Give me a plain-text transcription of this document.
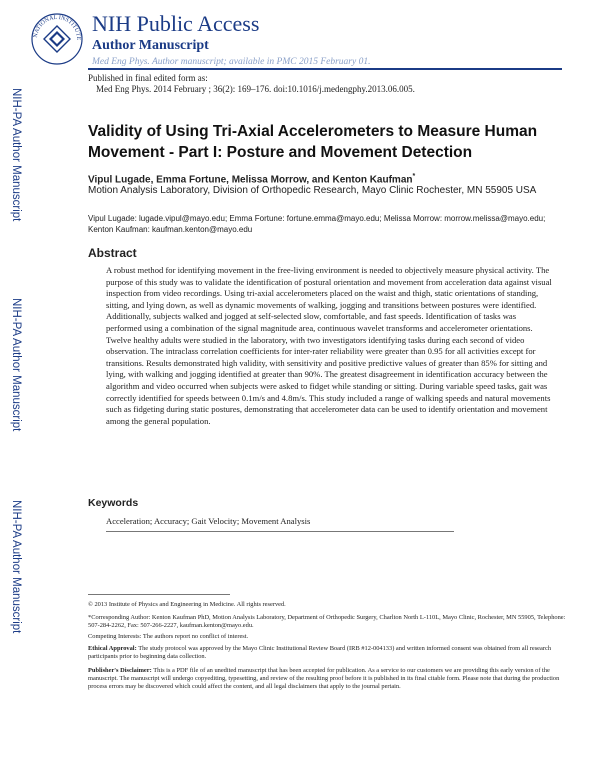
NATIONAL INSTITUTE
NIH Public Access
Author Manuscript
Med Eng Phys. Author manuscript; available in PMC 2015 February 01.
Published in final edited form as:
Med Eng Phys. 2014 February ; 36(2): 169–176. doi:10.1016/j.medengphy.2013.06.005.
NIH-PA Author Manuscript
NIH-PA Author Manuscript
NIH-PA Author Manuscript
Validity of Using Tri-Axial Accelerometers to Measure Human Movement - Part I: Posture and Movement Detection
Vipul Lugade, Emma Fortune, Melissa Morrow, and Kenton Kaufman*
Motion Analysis Laboratory, Division of Orthopedic Research, Mayo Clinic Rochester, MN 55905 USA
Vipul Lugade: lugade.vipul@mayo.edu; Emma Fortune: fortune.emma@mayo.edu; Melissa Morrow: morrow.melissa@mayo.edu; Kenton Kaufman: kaufman.kenton@mayo.edu
Abstract
A robust method for identifying movement in the free-living environment is needed to objectively measure physical activity. The purpose of this study was to validate the identification of postural orientation and movement from acceleration data against visual inspection from video recordings. Using tri-axial accelerometers placed on the waist and thigh, static orientations of standing, sitting, and lying down, as well as dynamic movements of walking, jogging and transitions between postures were identified. Additionally, subjects walked and jogged at self-selected slow, comfortable, and fast speeds. Identification of tasks was performed using a combination of the signal magnitude area, continuous wavelet transforms and accelerometer orientations. Twelve healthy adults were studied in the laboratory, with two investigators identifying tasks during each second of video observation. The intraclass correlation coefficients for inter-rater reliability were greater than 0.95 for all activities except for transitions. Results demonstrated high validity, with sensitivity and positive predictive values of greater than 85% for sitting and lying, with walking and jogging identified at greater than 90%. The greatest disagreement in identification accuracy between the algorithm and video occurred when subjects were asked to fidget while standing or sitting. During variable speed tasks, gait was correctly identified for speeds between 0.1m/s and 4.8m/s. This study included a range of walking speeds and natural movements such as fidgeting during static postures, demonstrating that accelerometer data can be used to identify orientation and movement among the general population.
Keywords
Acceleration; Accuracy; Gait Velocity; Movement Analysis
© 2013 Institute of Physics and Engineering in Medicine. All rights reserved.
*Corresponding Author: Kenton Kaufman PhD, Motion Analysis Laboratory, Department of Orthopedic Surgery, Charlton North L-110L, Mayo Clinic, Rochester, MN 55905, Telephone: 507-284-2262, Fax: 507-266-2227, kaufman.kenton@mayo.edu.
Competing Interests: The authors report no conflict of interest.
Ethical Approval: The study protocol was approved by the Mayo Clinic Institutional Review Board (IRB #12-004133) and written informed consent was obtained from all research participants prior to beginning data collection.
Publisher's Disclaimer: This is a PDF file of an unedited manuscript that has been accepted for publication. As a service to our customers we are providing this early version of the manuscript. The manuscript will undergo copyediting, typesetting, and review of the resulting proof before it is published in its final citable form. Please note that during the production process errors may be discovered which could affect the content, and all legal disclaimers that apply to the journal pertain.
